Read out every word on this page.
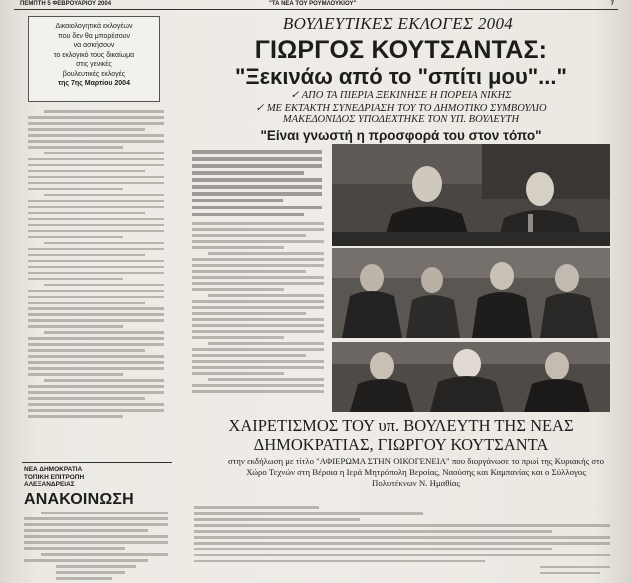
ΠΕΜΠΤΗ 5 ΦΕΒΡΟΥΑΡΙΟΥ 2004	"ΤΑ ΝΕΑ ΤΟΥ ΡΟΥΜΛΟΥΚΙΟΥ"	7
Δικαιολογητικά εκλογέων
που δεν θα μπορέσουν
να ασκήσουν
το εκλογικό τους δικαίωμα
στις γενικές
βουλευτικές εκλογές
της 7ης Μαρτίου 2004
ΝΕΑ ΔΗΜΟΚΡΑΤΙΑ
ΤΟΠΙΚΗ ΕΠΙΤΡΟΠΗ
ΑΛΕΞΑΝΔΡΕΙΑΣ
ΑΝΑΚΟΙΝΩΣΗ
ΒΟΥΛΕΥΤΙΚΕΣ ΕΚΛΟΓΕΣ 2004
ΓΙΩΡΓΟΣ ΚΟΥΤΣΑΝΤΑΣ:
"Ξεκινάω από το "σπίτι μου"..."
✓ ΑΠΟ ΤΑ ΠΙΕΡΙΑ ΞΕΚΙΝΗΣΕ Η ΠΟΡΕΙΑ ΝΙΚΗΣ
✓ ΜΕ ΕΚΤΑΚΤΗ ΣΥΝΕΔΡΙΑΣΗ ΤΟΥ ΤΟ ΔΗΜΟΤΙΚΟ ΣΥΜΒΟΥΛΙΟ
ΜΑΚΕΔΟΝΙΔΟΣ ΥΠΟΔΕΧΤΗΚΕ ΤΟΝ ΥΠ. ΒΟΥΛΕΥΤΗ
"Είναι γνωστή η προσφορά του στον τόπο"
ΧΑΙΡΕΤΙΣΜΟΣ ΤΟΥ υπ. ΒΟΥΛΕΥΤΗ ΤΗΣ ΝΕΑΣ ΔΗΜΟΚΡΑΤΙΑΣ, ΓΙΩΡΓΟΥ ΚΟΥΤΣΑΝΤΑ
στην εκδήλωση με τίτλο "ΑΦΙΕΡΩΜΑ ΣΤΗΝ ΟΙΚΟΓΕΝΕΙΑ" που διοργάνωσε το πρωί της Κυριακής στο Χώρο Τεχνών στη Βέροια η Ιερά Μητρόπολη Βεροίας, Ναούσης και Καμπανίας και ο Σύλλογος Πολυτέκνων Ν. Ημαθίας
